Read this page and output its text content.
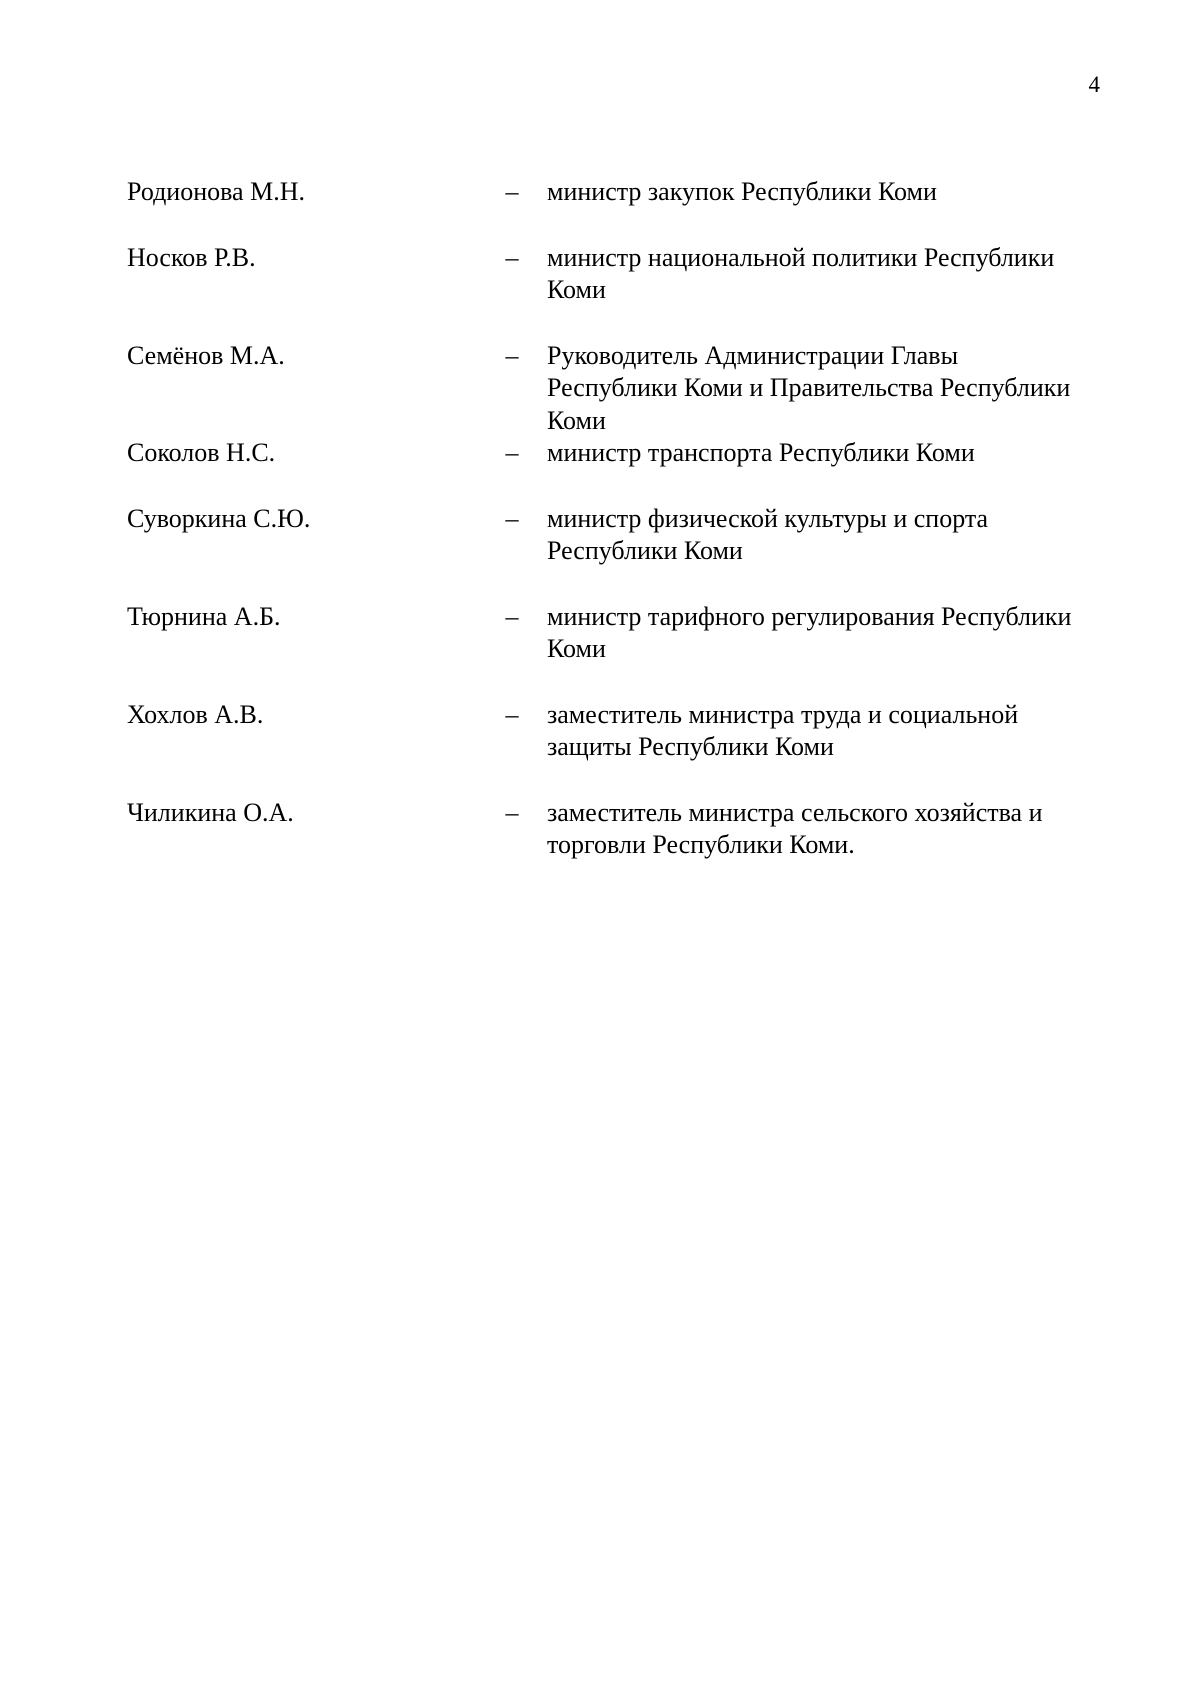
4
Родионова М.Н.	–	министр закупок Республики Коми
Носков Р.В.	–	министр национальной политики Республики
Коми
Семёнов М.А.	–	Руководитель Администрации Главы
Республики Коми и Правительства Республики
Коми
Соколов Н.С.	–	министр транспорта Республики Коми
Суворкина С.Ю.	–	министр физической культуры и спорта
Республики Коми
Тюрнина А.Б.	–	министр тарифного регулирования Республики
Коми
Хохлов А.В.	–	заместитель министра труда и социальной
защиты Республики Коми
Чиликина О.А.	–	заместитель министра сельского хозяйства и
торговли Республики Коми.
